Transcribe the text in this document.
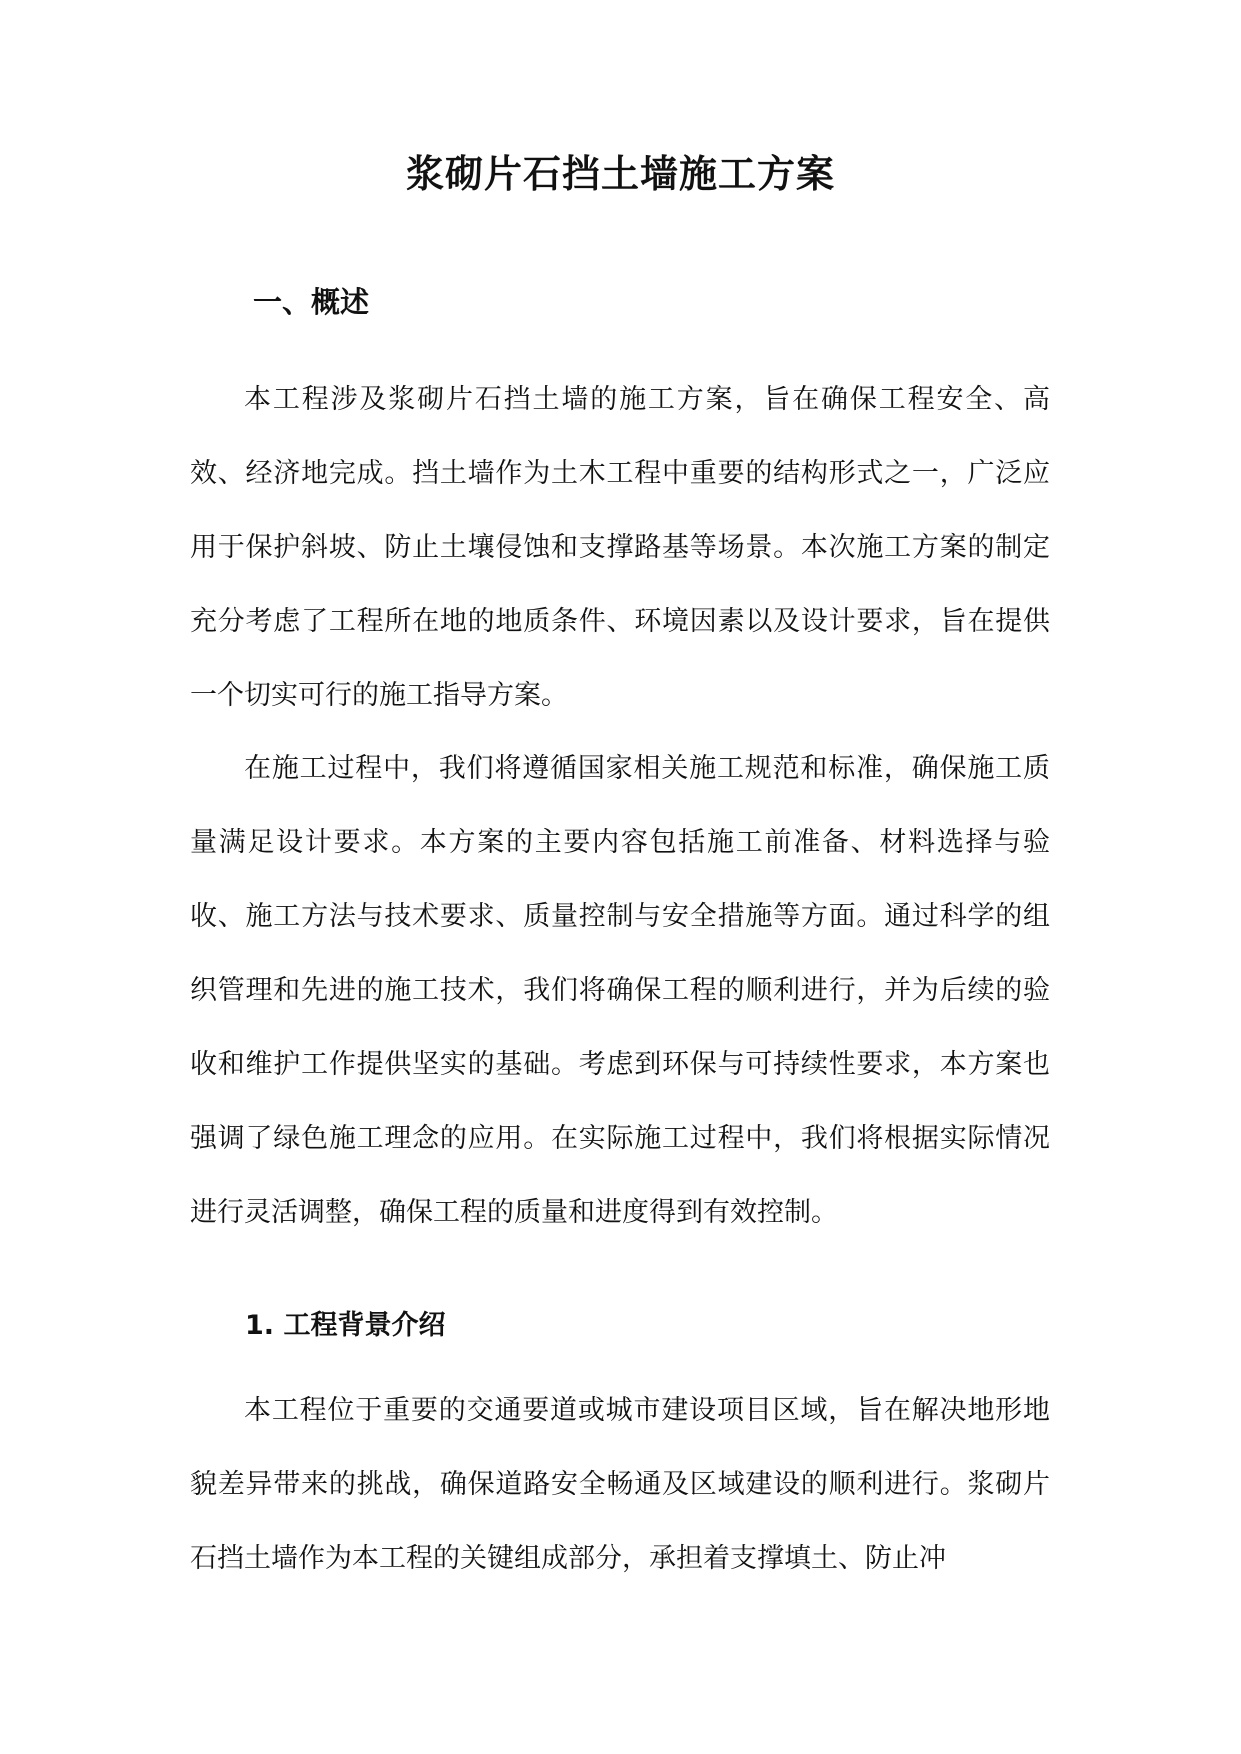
浆砌片石挡土墙施工方案
一、概述

本工程涉及浆砌片石挡土墙的施工方案，旨在确保工程安全、高效、经济地完成。挡土墙作为土木工程中重要的结构形式之一，广泛应用于保护斜坡、防止土壤侵蚀和支撑路基等场景。本次施工方案的制定充分考虑了工程所在地的地质条件、环境因素以及设计要求，旨在提供一个切实可行的施工指导方案。

在施工过程中，我们将遵循国家相关施工规范和标准，确保施工质量满足设计要求。本方案的主要内容包括施工前准备、材料选择与验收、施工方法与技术要求、质量控制与安全措施等方面。通过科学的组织管理和先进的施工技术，我们将确保工程的顺利进行，并为后续的验收和维护工作提供坚实的基础。考虑到环保与可持续性要求，本方案也强调了绿色施工理念的应用。在实际施工过程中，我们将根据实际情况进行灵活调整，确保工程的质量和进度得到有效控制。

1. 工程背景介绍

本工程位于重要的交通要道或城市建设项目区域，旨在解决地形地貌差异带来的挑战，确保道路安全畅通及区域建设的顺利进行。浆砌片石挡土墙作为本工程的关键组成部分，承担着支撑填土、防止冲
